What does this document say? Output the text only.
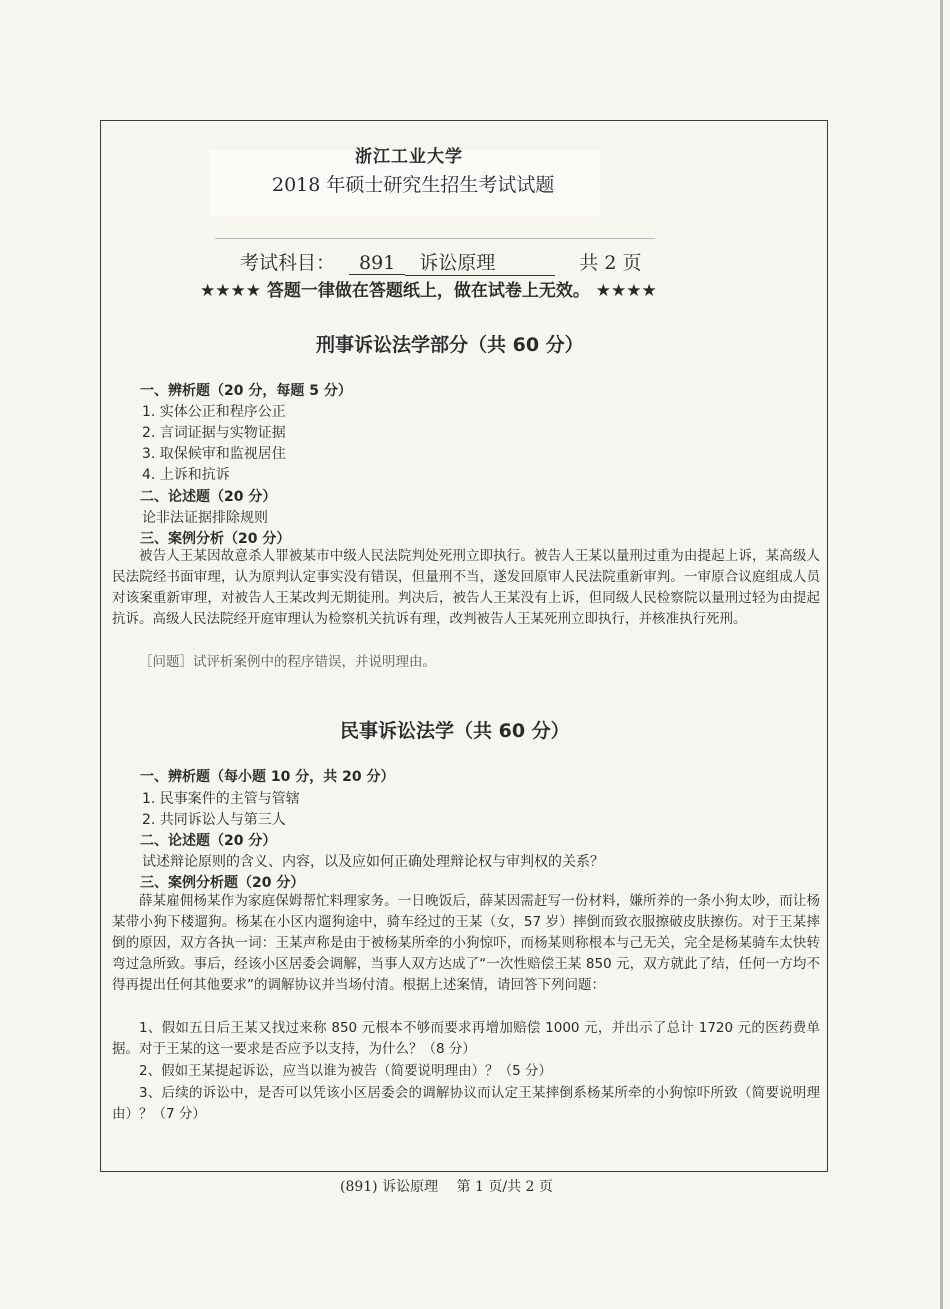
浙江工业大学
2018 年硕士研究生招生考试试题
考试科目： 891 诉讼原理	共 2 页
★★★★ 答题一律做在答题纸上，做在试卷上无效。 ★★★★
刑事诉讼法学部分（共 60 分）
一、辨析题（20 分，每题 5 分）
1. 实体公正和程序公正
2. 言词证据与实物证据
3. 取保候审和监视居住
4. 上诉和抗诉
二、论述题（20 分）
论非法证据排除规则
三、案例分析（20 分）
被告人王某因故意杀人罪被某市中级人民法院判处死刑立即执行。被告人王某以量刑过重为由提起上诉，某高级人民法院经书面审理，认为原判认定事实没有错误，但量刑不当，遂发回原审人民法院重新审判。一审原合议庭组成人员对该案重新审理，对被告人王某改判无期徒刑。判决后，被告人王某没有上诉，但同级人民检察院以量刑过轻为由提起抗诉。高级人民法院经开庭审理认为检察机关抗诉有理，改判被告人王某死刑立即执行，并核准执行死刑。
［问题］试评析案例中的程序错误，并说明理由。
民事诉讼法学（共 60 分）
一、辨析题（每小题 10 分，共 20 分）
1. 民事案件的主管与管辖
2. 共同诉讼人与第三人
二、论述题（20 分）
试述辩论原则的含义、内容，以及应如何正确处理辩论权与审判权的关系？
三、案例分析题（20 分）
薛某雇佣杨某作为家庭保姆帮忙料理家务。一日晚饭后，薛某因需赶写一份材料，嫌所养的一条小狗太吵，而让杨某带小狗下楼遛狗。杨某在小区内遛狗途中，骑车经过的王某（女，57 岁）摔倒而致衣服擦破皮肤擦伤。对于王某摔倒的原因，双方各执一词：王某声称是由于被杨某所牵的小狗惊吓，而杨某则称根本与己无关，完全是杨某骑车太快转弯过急所致。事后，经该小区居委会调解，当事人双方达成了“一次性赔偿王某 850 元，双方就此了结，任何一方均不得再提出任何其他要求”的调解协议并当场付清。根据上述案情，请回答下列问题：
1、假如五日后王某又找过来称 850 元根本不够而要求再增加赔偿 1000 元，并出示了总计 1720 元的医药费单据。对于王某的这一要求是否应予以支持，为什么？（8 分）
2、假如王某提起诉讼，应当以谁为被告（简要说明理由）？（5 分）
3、后续的诉讼中，是否可以凭该小区居委会的调解协议而认定王某摔倒系杨某所牵的小狗惊吓所致（简要说明理由）？（7 分）
(891) 诉讼原理　 第 1 页/共 2 页
